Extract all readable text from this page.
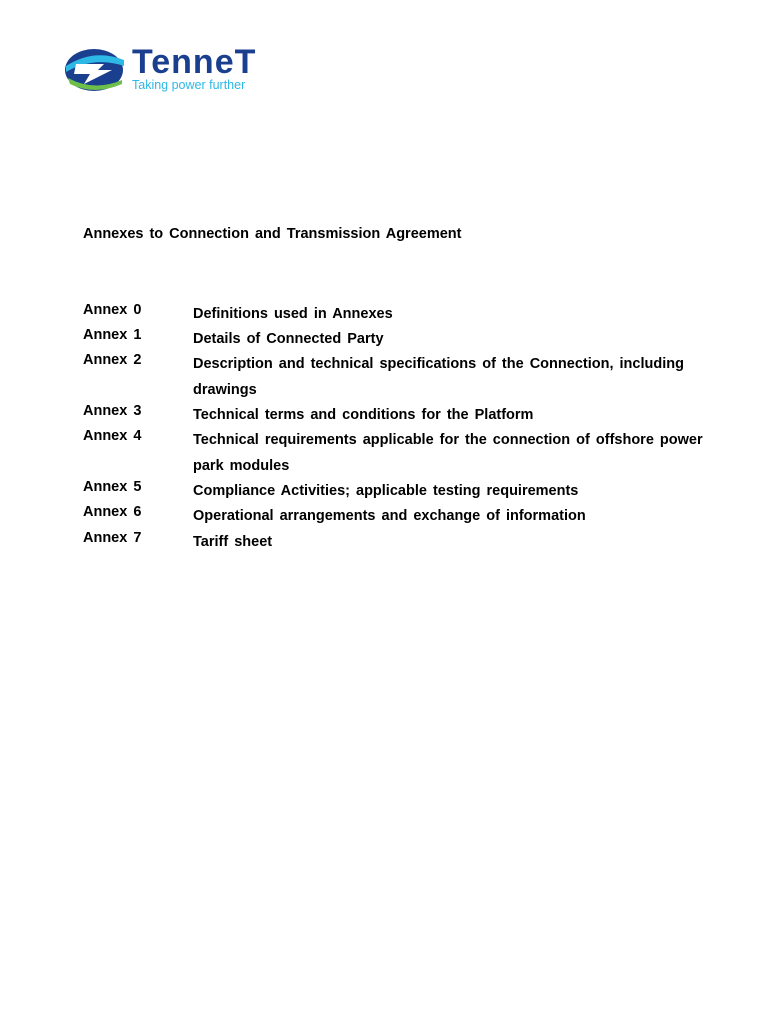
TenneT
Taking power further
Annexes to Connection and Transmission Agreement
Annex 0	Definitions used in Annexes
Annex 1	Details of Connected Party
Annex 2	Description and technical specifications of the Connection, including drawings
Annex 3	Technical terms and conditions for the Platform
Annex 4	Technical requirements applicable for the connection of offshore power park modules
Annex 5	Compliance Activities; applicable testing requirements
Annex 6	Operational arrangements and exchange of information
Annex 7	Tariff sheet
